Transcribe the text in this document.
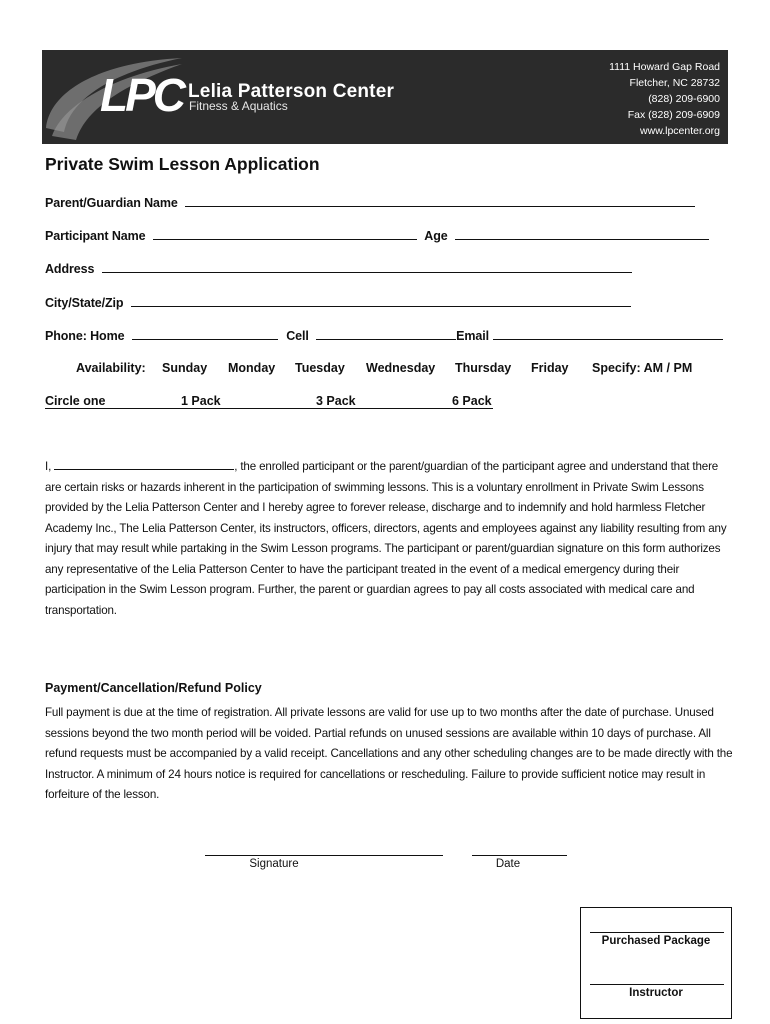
LPC Lelia Patterson Center
Fitness & Aquatics
1111 Howard Gap Road
Fletcher, NC 28732
(828) 209-6900
Fax (828) 209-6909
www.lpcenter.org
Private Swim Lesson Application
Parent/Guardian Name
Participant Name	Age
Address
City/State/Zip
Phone: Home	Cell	Email
Availability: Sunday Monday Tuesday Wednesday Thursday Friday Specify: AM / PM
Circle one	1 Pack	3 Pack	6 Pack
I,	, the enrolled participant or the parent/guardian of the participant agree and understand that there are certain risks or hazards inherent in the participation of swimming lessons. This is a voluntary enrollment in Private Swim Lessons provided by the Lelia Patterson Center and I hereby agree to forever release, discharge and to indemnify and hold harmless Fletcher Academy Inc., The Lelia Patterson Center, its instructors, officers, directors, agents and employees against any liability resulting from any injury that may result while partaking in the Swim Lesson programs. The participant or parent/guardian signature on this form authorizes any representative of the Lelia Patterson Center to have the participant treated in the event of a medical emergency during their participation in the Swim Lesson program. Further, the parent or guardian agrees to pay all costs associated with medical care and transportation.
Payment/Cancellation/Refund Policy
Full payment is due at the time of registration. All private lessons are valid for use up to two months after the date of purchase. Unused sessions beyond the two month period will be voided. Partial refunds on unused sessions are available within 10 days of purchase. All refund requests must be accompanied by a valid receipt. Cancellations and any other scheduling changes are to be made directly with the Instructor. A minimum of 24 hours notice is required for cancellations or rescheduling. Failure to provide sufficient notice may result in forfeiture of the lesson.
Signature	Date
Purchased Package
Instructor
